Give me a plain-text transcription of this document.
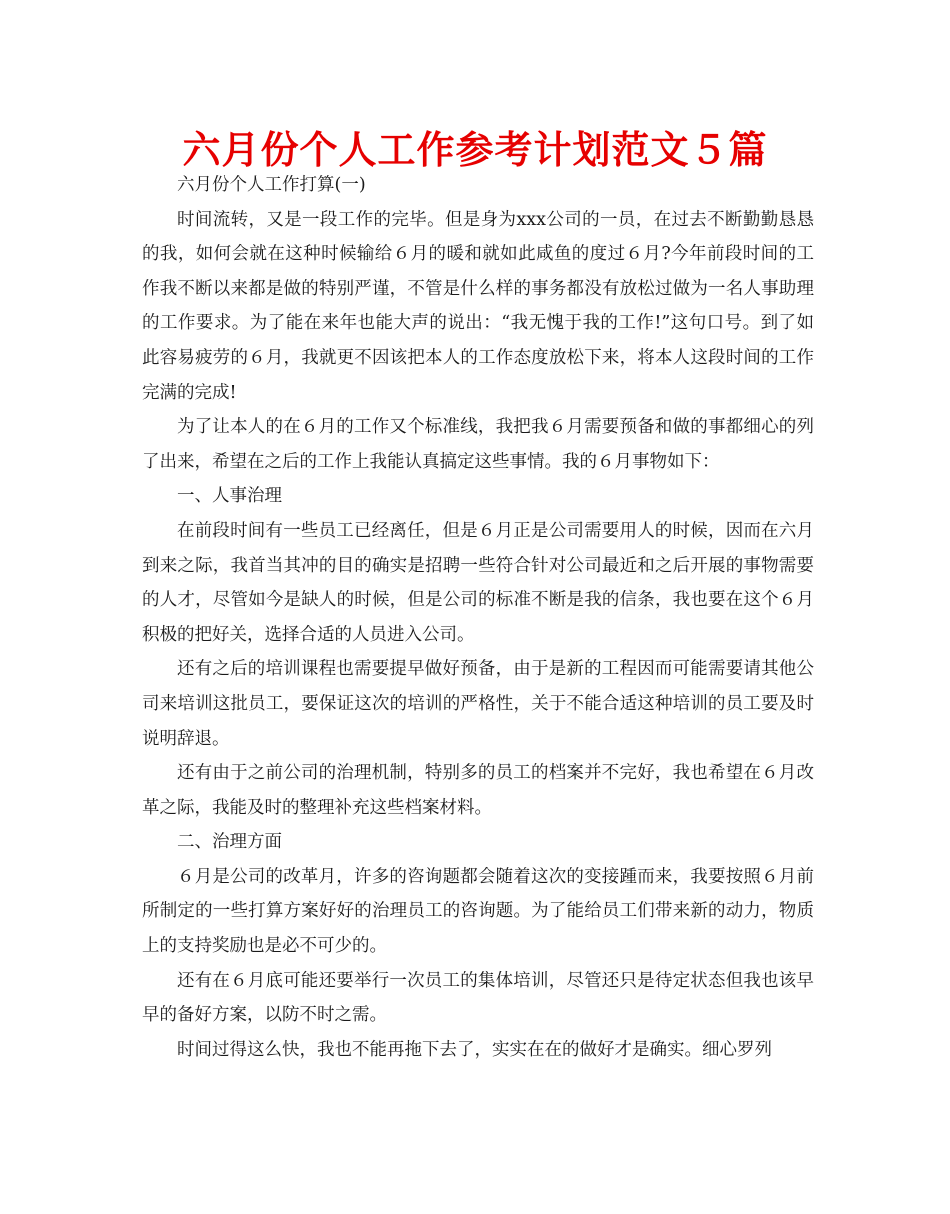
六月份个人工作参考计划范文５篇

六月份个人工作打算(一)

时间流转，又是一段工作的完毕。但是身为xxx公司的一员，在过去不断勤勤恳恳的我，如何会就在这种时候输给６月的暖和就如此咸鱼的度过６月?今年前段时间的工作我不断以来都是做的特别严谨，不管是什么样的事务都没有放松过做为一名人事助理的工作要求。为了能在来年也能大声的说出：“我无愧于我的工作!”这句口号。到了如此容易疲劳的６月，我就更不因该把本人的工作态度放松下来，将本人这段时间的工作完满的完成!

为了让本人的在６月的工作又个标准线，我把我６月需要预备和做的事都细心的列了出来，希望在之后的工作上我能认真搞定这些事情。我的６月事物如下：

一、人事治理

在前段时间有一些员工已经离任，但是６月正是公司需要用人的时候，因而在六月到来之际，我首当其冲的目的确实是招聘一些符合针对公司最近和之后开展的事物需要的人才，尽管如今是缺人的时候，但是公司的标准不断是我的信条，我也要在这个６月积极的把好关，选择合适的人员进入公司。

还有之后的培训课程也需要提早做好预备，由于是新的工程因而可能需要请其他公司来培训这批员工，要保证这次的培训的严格性，关于不能合适这种培训的员工要及时说明辞退。

还有由于之前公司的治理机制，特别多的员工的档案并不完好，我也希望在６月改革之际，我能及时的整理补充这些档案材料。

二、治理方面

６月是公司的改革月，许多的咨询题都会随着这次的变接踵而来，我要按照６月前所制定的一些打算方案好好的治理员工的咨询题。为了能给员工们带来新的动力，物质上的支持奖励也是必不可少的。

还有在６月底可能还要举行一次员工的集体培训，尽管还只是待定状态但我也该早早的备好方案，以防不时之需。

时间过得这么快，我也不能再拖下去了，实实在在的做好才是确实。细心罗列
